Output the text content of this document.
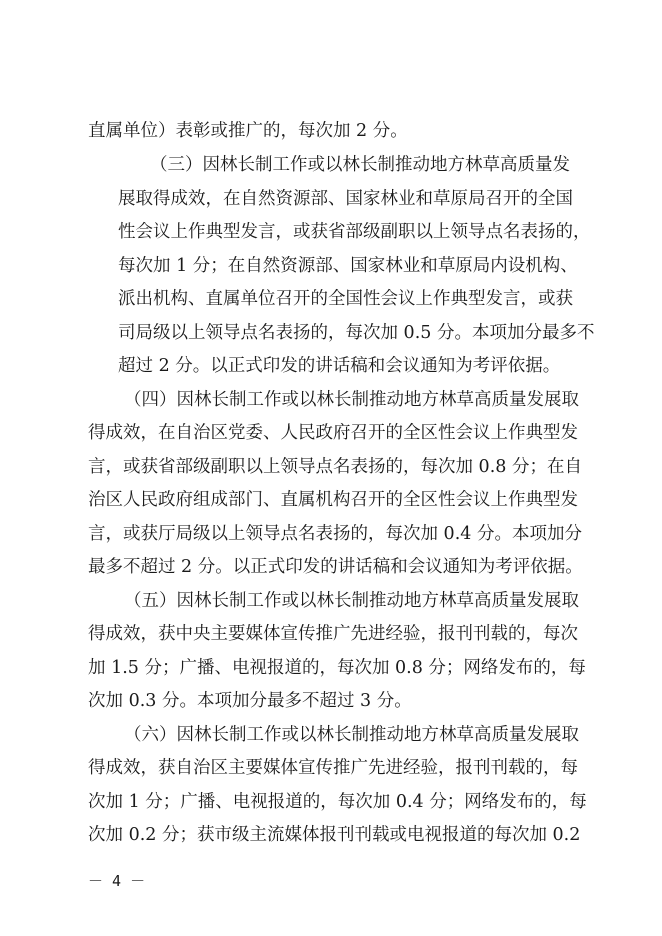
直属单位）表彰或推广的，每次加 2 分。
（三）因林长制工作或以林长制推动地方林草高质量发
展取得成效，在自然资源部、国家林业和草原局召开的全国
性会议上作典型发言，或获省部级副职以上领导点名表扬的，
每次加 1 分；在自然资源部、国家林业和草原局内设机构、
派出机构、直属单位召开的全国性会议上作典型发言，或获
司局级以上领导点名表扬的，每次加 0.5 分。本项加分最多不
超过 2 分。以正式印发的讲话稿和会议通知为考评依据。
（四）因林长制工作或以林长制推动地方林草高质量发展取
得成效，在自治区党委、人民政府召开的全区性会议上作典型发
言，或获省部级副职以上领导点名表扬的，每次加 0.8 分；在自
治区人民政府组成部门、直属机构召开的全区性会议上作典型发
言，或获厅局级以上领导点名表扬的，每次加 0.4 分。本项加分
最多不超过 2 分。以正式印发的讲话稿和会议通知为考评依据。
（五）因林长制工作或以林长制推动地方林草高质量发展取
得成效，获中央主要媒体宣传推广先进经验，报刊刊载的，每次
加 1.5 分；广播、电视报道的，每次加 0.8 分；网络发布的，每
次加 0.3 分。本项加分最多不超过 3 分。
（六）因林长制工作或以林长制推动地方林草高质量发展取
得成效，获自治区主要媒体宣传推广先进经验，报刊刊载的，每
次加 1 分；广播、电视报道的，每次加 0.4 分；网络发布的，每
次加 0.2 分；获市级主流媒体报刊刊载或电视报道的每次加 0.2
－ 4 －
